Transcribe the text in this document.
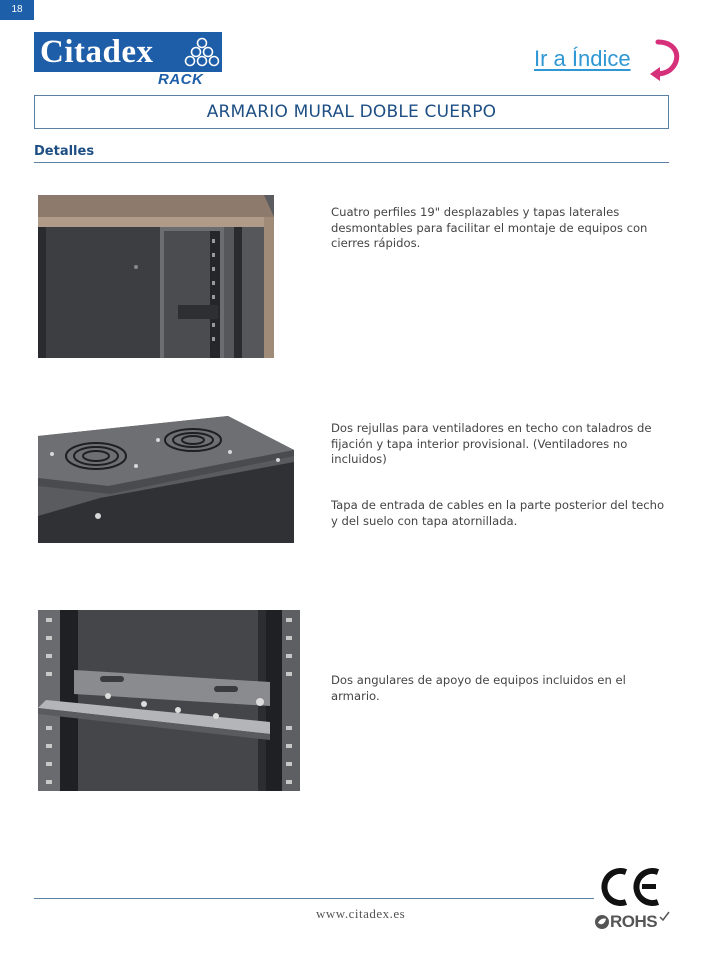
18
Citadex
RACK
Ir a Índice
ARMARIO MURAL DOBLE CUERPO
Detalles
Cuatro perfiles 19" desplazables y tapas laterales desmontables para facilitar el montaje de equipos con cierres rápidos.
Dos rejullas para ventiladores en techo con taladros de fijación y tapa interior provisional. (Ventiladores no incluidos)
Tapa de entrada de cables en la parte posterior del techo y del suelo con tapa atornillada.
Dos angulares de apoyo de equipos incluidos en el armario.
www.citadex.es	ROHS
